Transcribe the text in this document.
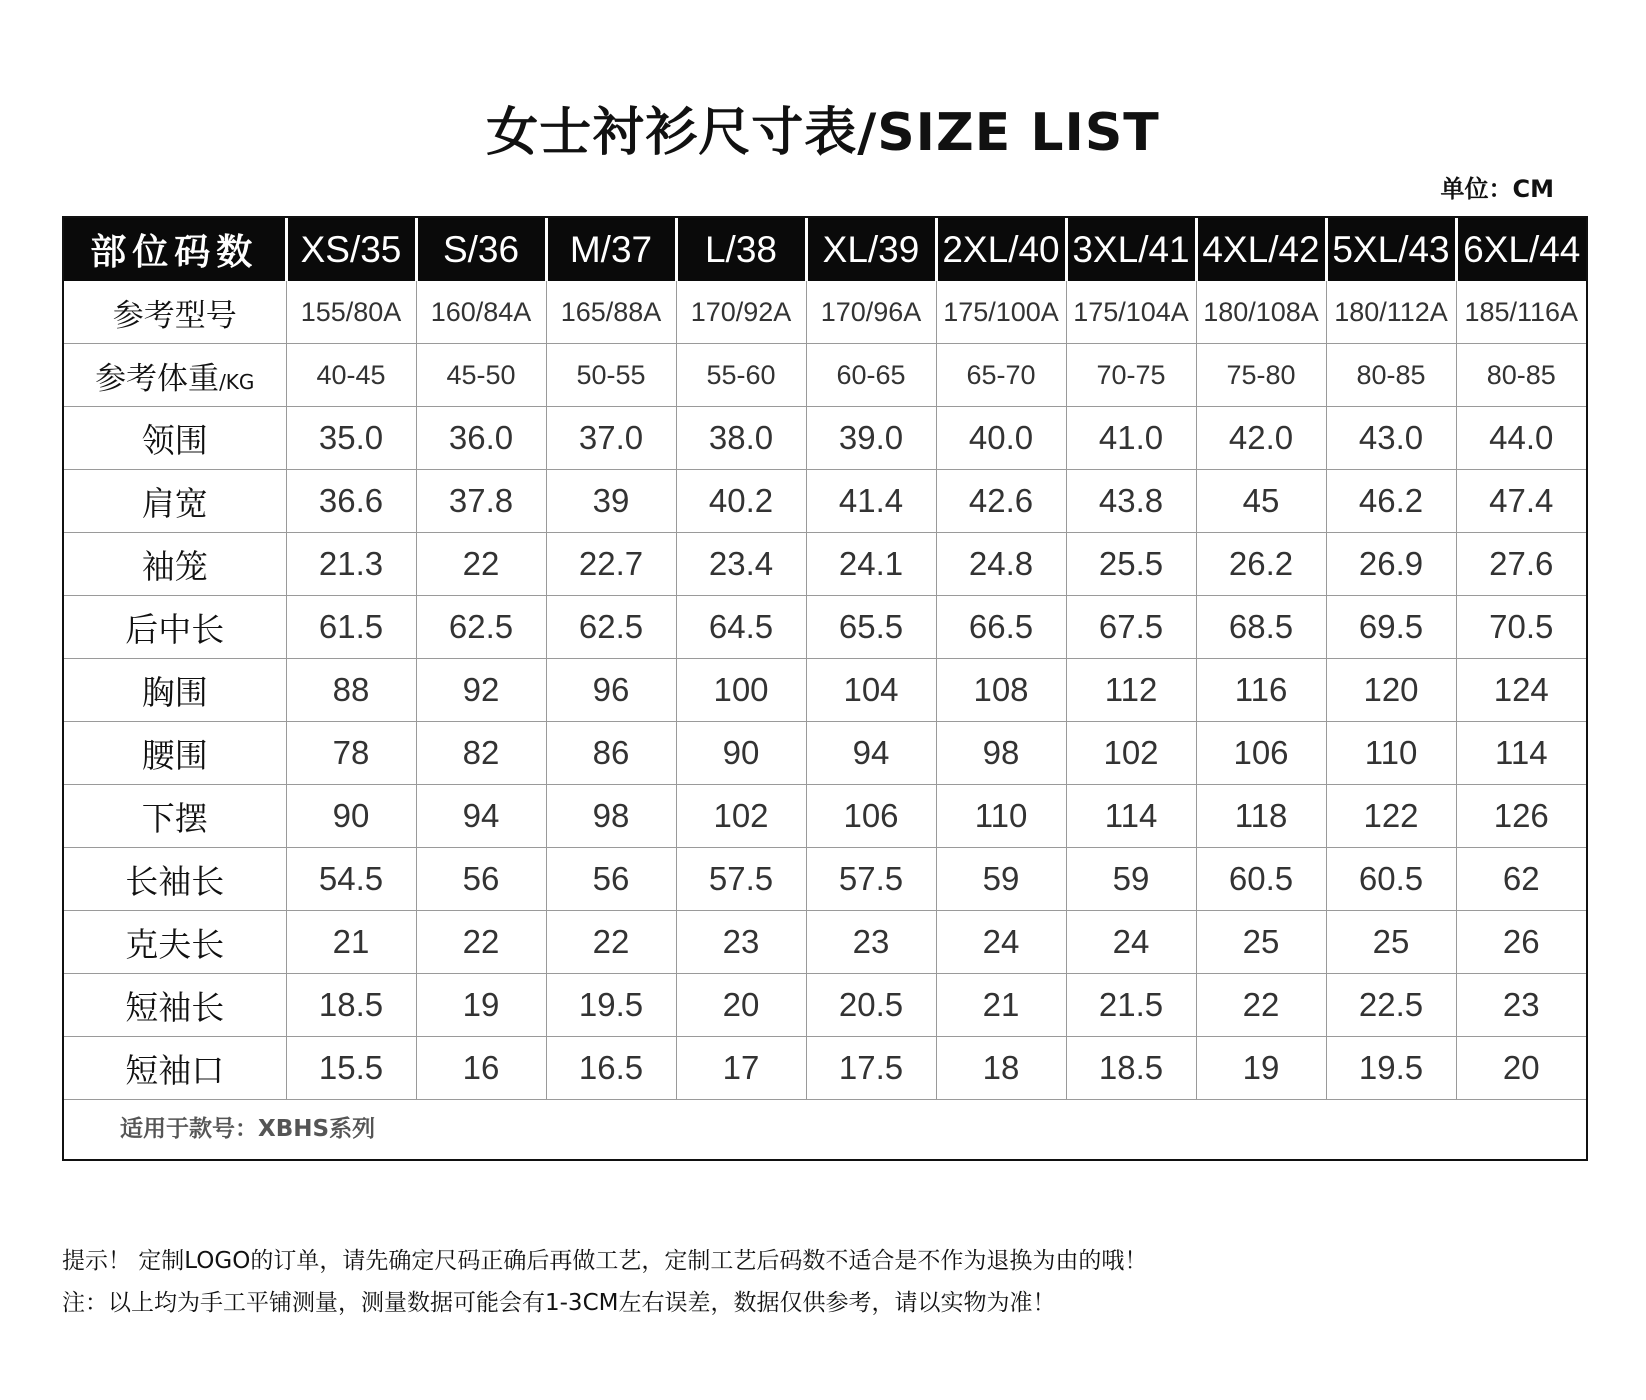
女士衬衫尺寸表/SIZE LIST
单位：CM
部位码数	XS/35	S/36	M/37	L/38	XL/39	2XL/40	3XL/41	4XL/42	5XL/43	6XL/44
参考型号	155/80A	160/84A	165/88A	170/92A	170/96A	175/100A	175/104A	180/108A	180/112A	185/116A
参考体重/KG	40-45	45-50	50-55	55-60	60-65	65-70	70-75	75-80	80-85	80-85
领围	35.0	36.0	37.0	38.0	39.0	40.0	41.0	42.0	43.0	44.0
肩宽	36.6	37.8	39	40.2	41.4	42.6	43.8	45	46.2	47.4
袖笼	21.3	22	22.7	23.4	24.1	24.8	25.5	26.2	26.9	27.6
后中长	61.5	62.5	62.5	64.5	65.5	66.5	67.5	68.5	69.5	70.5
胸围	88	92	96	100	104	108	112	116	120	124
腰围	78	82	86	90	94	98	102	106	110	114
下摆	90	94	98	102	106	110	114	118	122	126
长袖长	54.5	56	56	57.5	57.5	59	59	60.5	60.5	62
克夫长	21	22	22	23	23	24	24	25	25	26
短袖长	18.5	19	19.5	20	20.5	21	21.5	22	22.5	23
短袖口	15.5	16	16.5	17	17.5	18	18.5	19	19.5	20
适用于款号：XBHS系列
提示！ 定制LOGO的订单，请先确定尺码正确后再做工艺，定制工艺后码数不适合是不作为退换为由的哦！
注：以上均为手工平铺测量，测量数据可能会有1-3CM左右误差，数据仅供参考，请以实物为准！
